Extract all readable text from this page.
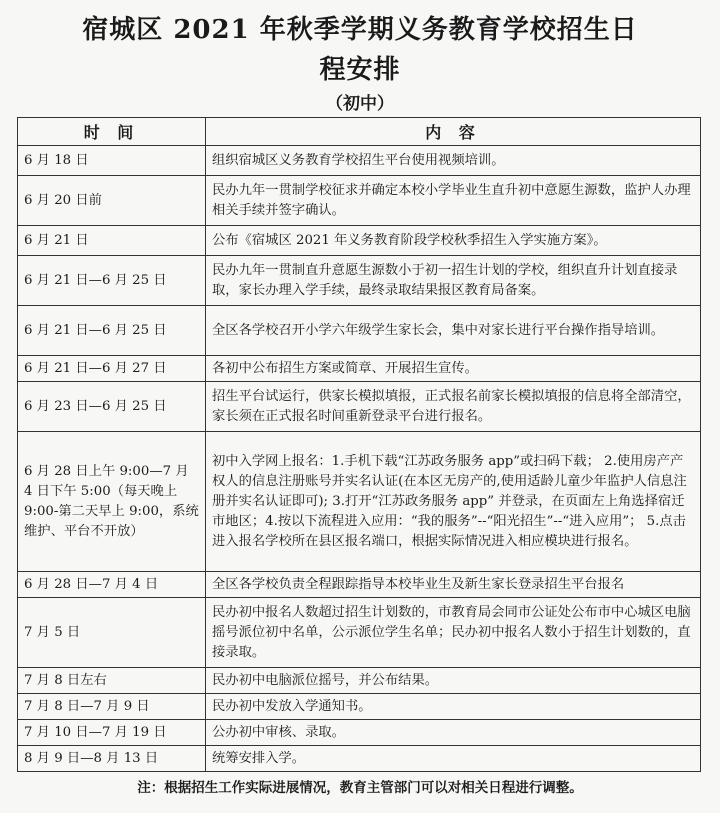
宿城区 2021 年秋季学期义务教育学校招生日
程安排
（初中）
时 间	内 容
6 月 18 日	组织宿城区义务教育学校招生平台使用视频培训。
6 月 20 日前	民办九年一贯制学校征求并确定本校小学毕业生直升初中意愿生源数，监护人办理相关手续并签字确认。
6 月 21 日	公布《宿城区 2021 年义务教育阶段学校秋季招生入学实施方案》。
6 月 21 日—6 月 25 日	民办九年一贯制直升意愿生源数小于初一招生计划的学校，组织直升计划直接录取，家长办理入学手续，最终录取结果报区教育局备案。
6 月 21 日—6 月 25 日	全区各学校召开小学六年级学生家长会，集中对家长进行平台操作指导培训。
6 月 21 日—6 月 27 日	各初中公布招生方案或简章、开展招生宣传。
6 月 23 日—6 月 25 日	招生平台试运行，供家长模拟填报，正式报名前家长模拟填报的信息将全部清空，家长须在正式报名时间重新登录平台进行报名。
6 月 28 日上午 9:00—7 月 4 日下午 5:00（每天晚上 9:00-第二天早上 9:00，系统维护、平台不开放）	初中入学网上报名：1.手机下载“江苏政务服务 app”或扫码下载； 2.使用房产产权人的信息注册账号并实名认证(在本区无房产的,使用适龄儿童少年监护人信息注册并实名认证即可); 3.打开“江苏政务服务 app” 并登录，在页面左上角选择宿迁市地区；4.按以下流程进入应用：“我的服务”--“阳光招生”--“进入应用”； 5.点击进入报名学校所在县区报名端口，根据实际情况进入相应模块进行报名。
6 月 28 日—7 月 4 日	全区各学校负责全程跟踪指导本校毕业生及新生家长登录招生平台报名
7 月 5 日	民办初中报名人数超过招生计划数的，市教育局会同市公证处公布市中心城区电脑摇号派位初中名单，公示派位学生名单；民办初中报名人数小于招生计划数的，直接录取。
7 月 8 日左右	民办初中电脑派位摇号，并公布结果。
7 月 8 日—7 月 9 日	民办初中发放入学通知书。
7 月 10 日—7 月 19 日	公办初中审核、录取。
8 月 9 日—8 月 13 日	统筹安排入学。
注：根据招生工作实际进展情况，教育主管部门可以对相关日程进行调整。
